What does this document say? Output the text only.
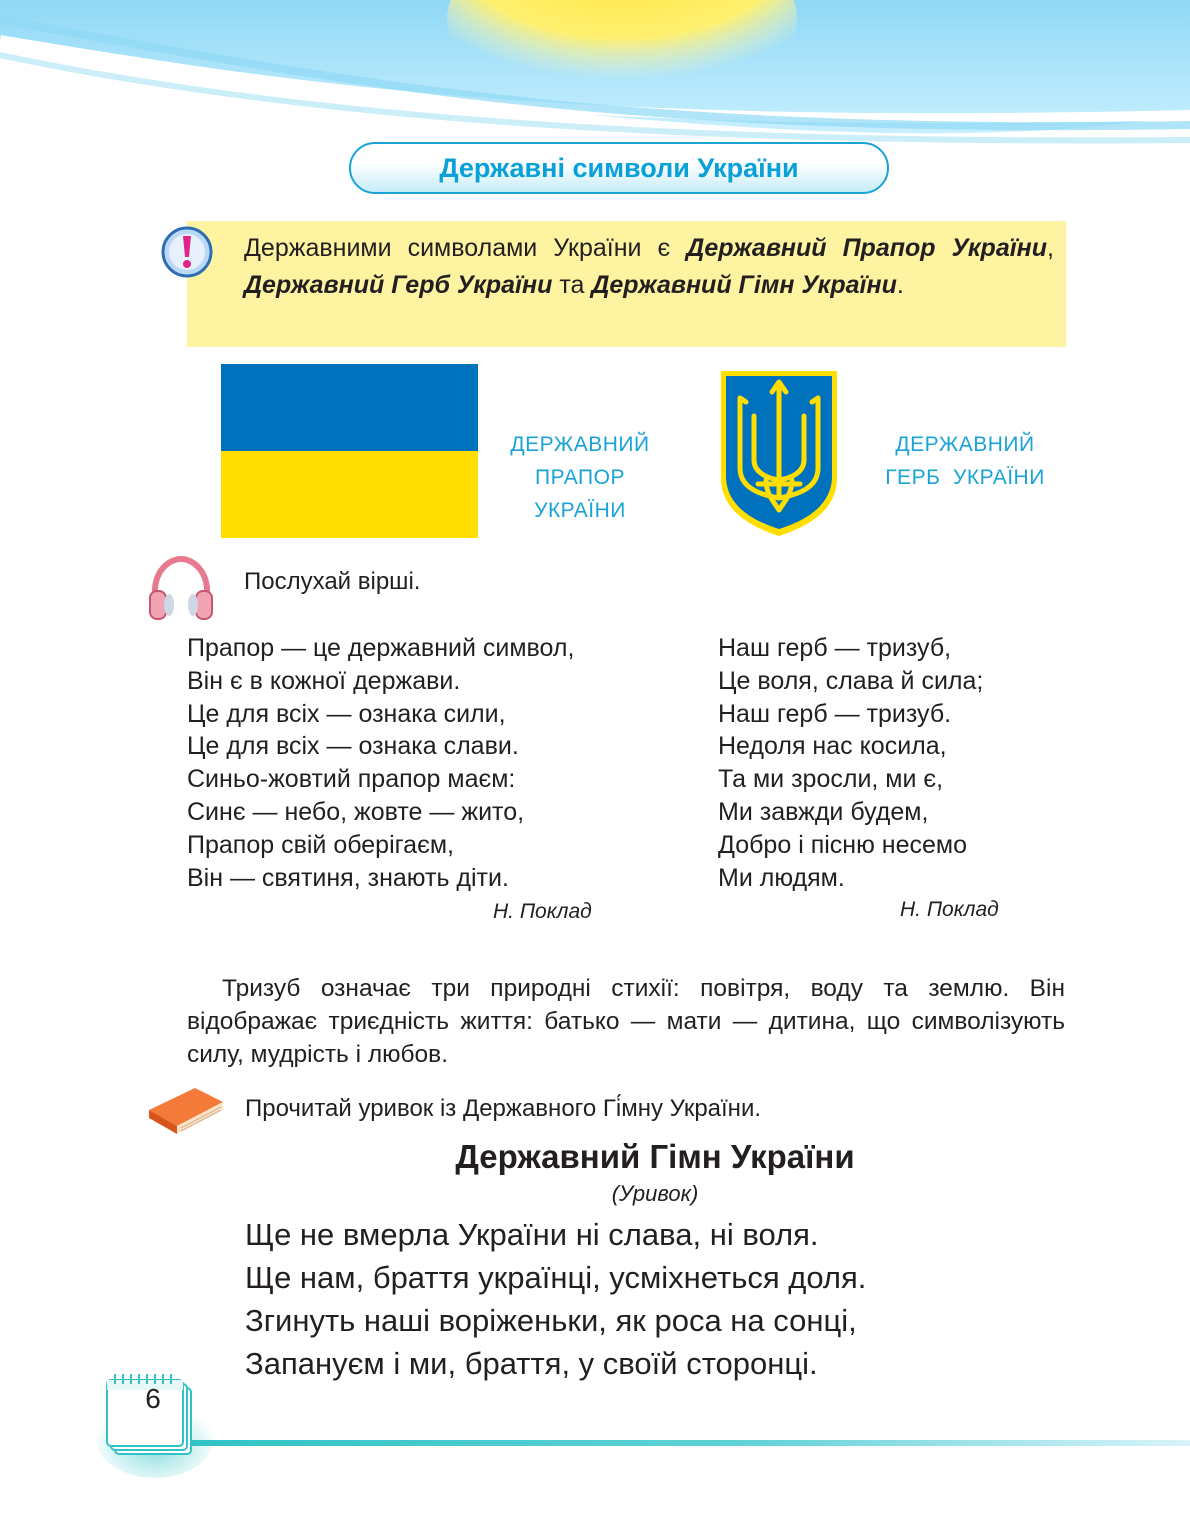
Державні символи України
Державними символами України є Державний Прапор України, Державний Герб України та Державний Гімн України.
ДЕРЖАВНИЙ
ПРАПОР
УКРАЇНИ
ДЕРЖАВНИЙ
ГЕРБ  УКРАЇНИ
Послухай вірші.
Прапор — це державний символ,
Він є в кожної держави.
Це для всіх — ознака сили,
Це для всіх — ознака слави.
Синьо-жовтий прапор маєм:
Синє — небо, жовте — жито,
Прапор свій оберігаєм,
Він — святиня, знають діти.
Н. Поклад
Наш герб — тризуб,
Це воля, слава й сила;
Наш герб — тризуб.
Недоля нас косила,
Та ми зросли, ми є,
Ми завжди будем,
Добро і пісню несемо
Ми людям.
Н. Поклад
Тризуб означає три природні стихії: повітря, воду та землю. Він відображає триєдність життя: батько — мати — дитина, що символізують силу, мудрість і любов.
Прочитай уривок із Державного Гі́мну України.
Державний Гімн України
(Уривок)
Ще не вмерла України ні слава, ні воля.
Ще нам, браття українці, усміхнеться доля.
Згинуть наші воріженьки, як роса на сонці,
Запануєм і ми, браття, у своїй сторонці.
6
